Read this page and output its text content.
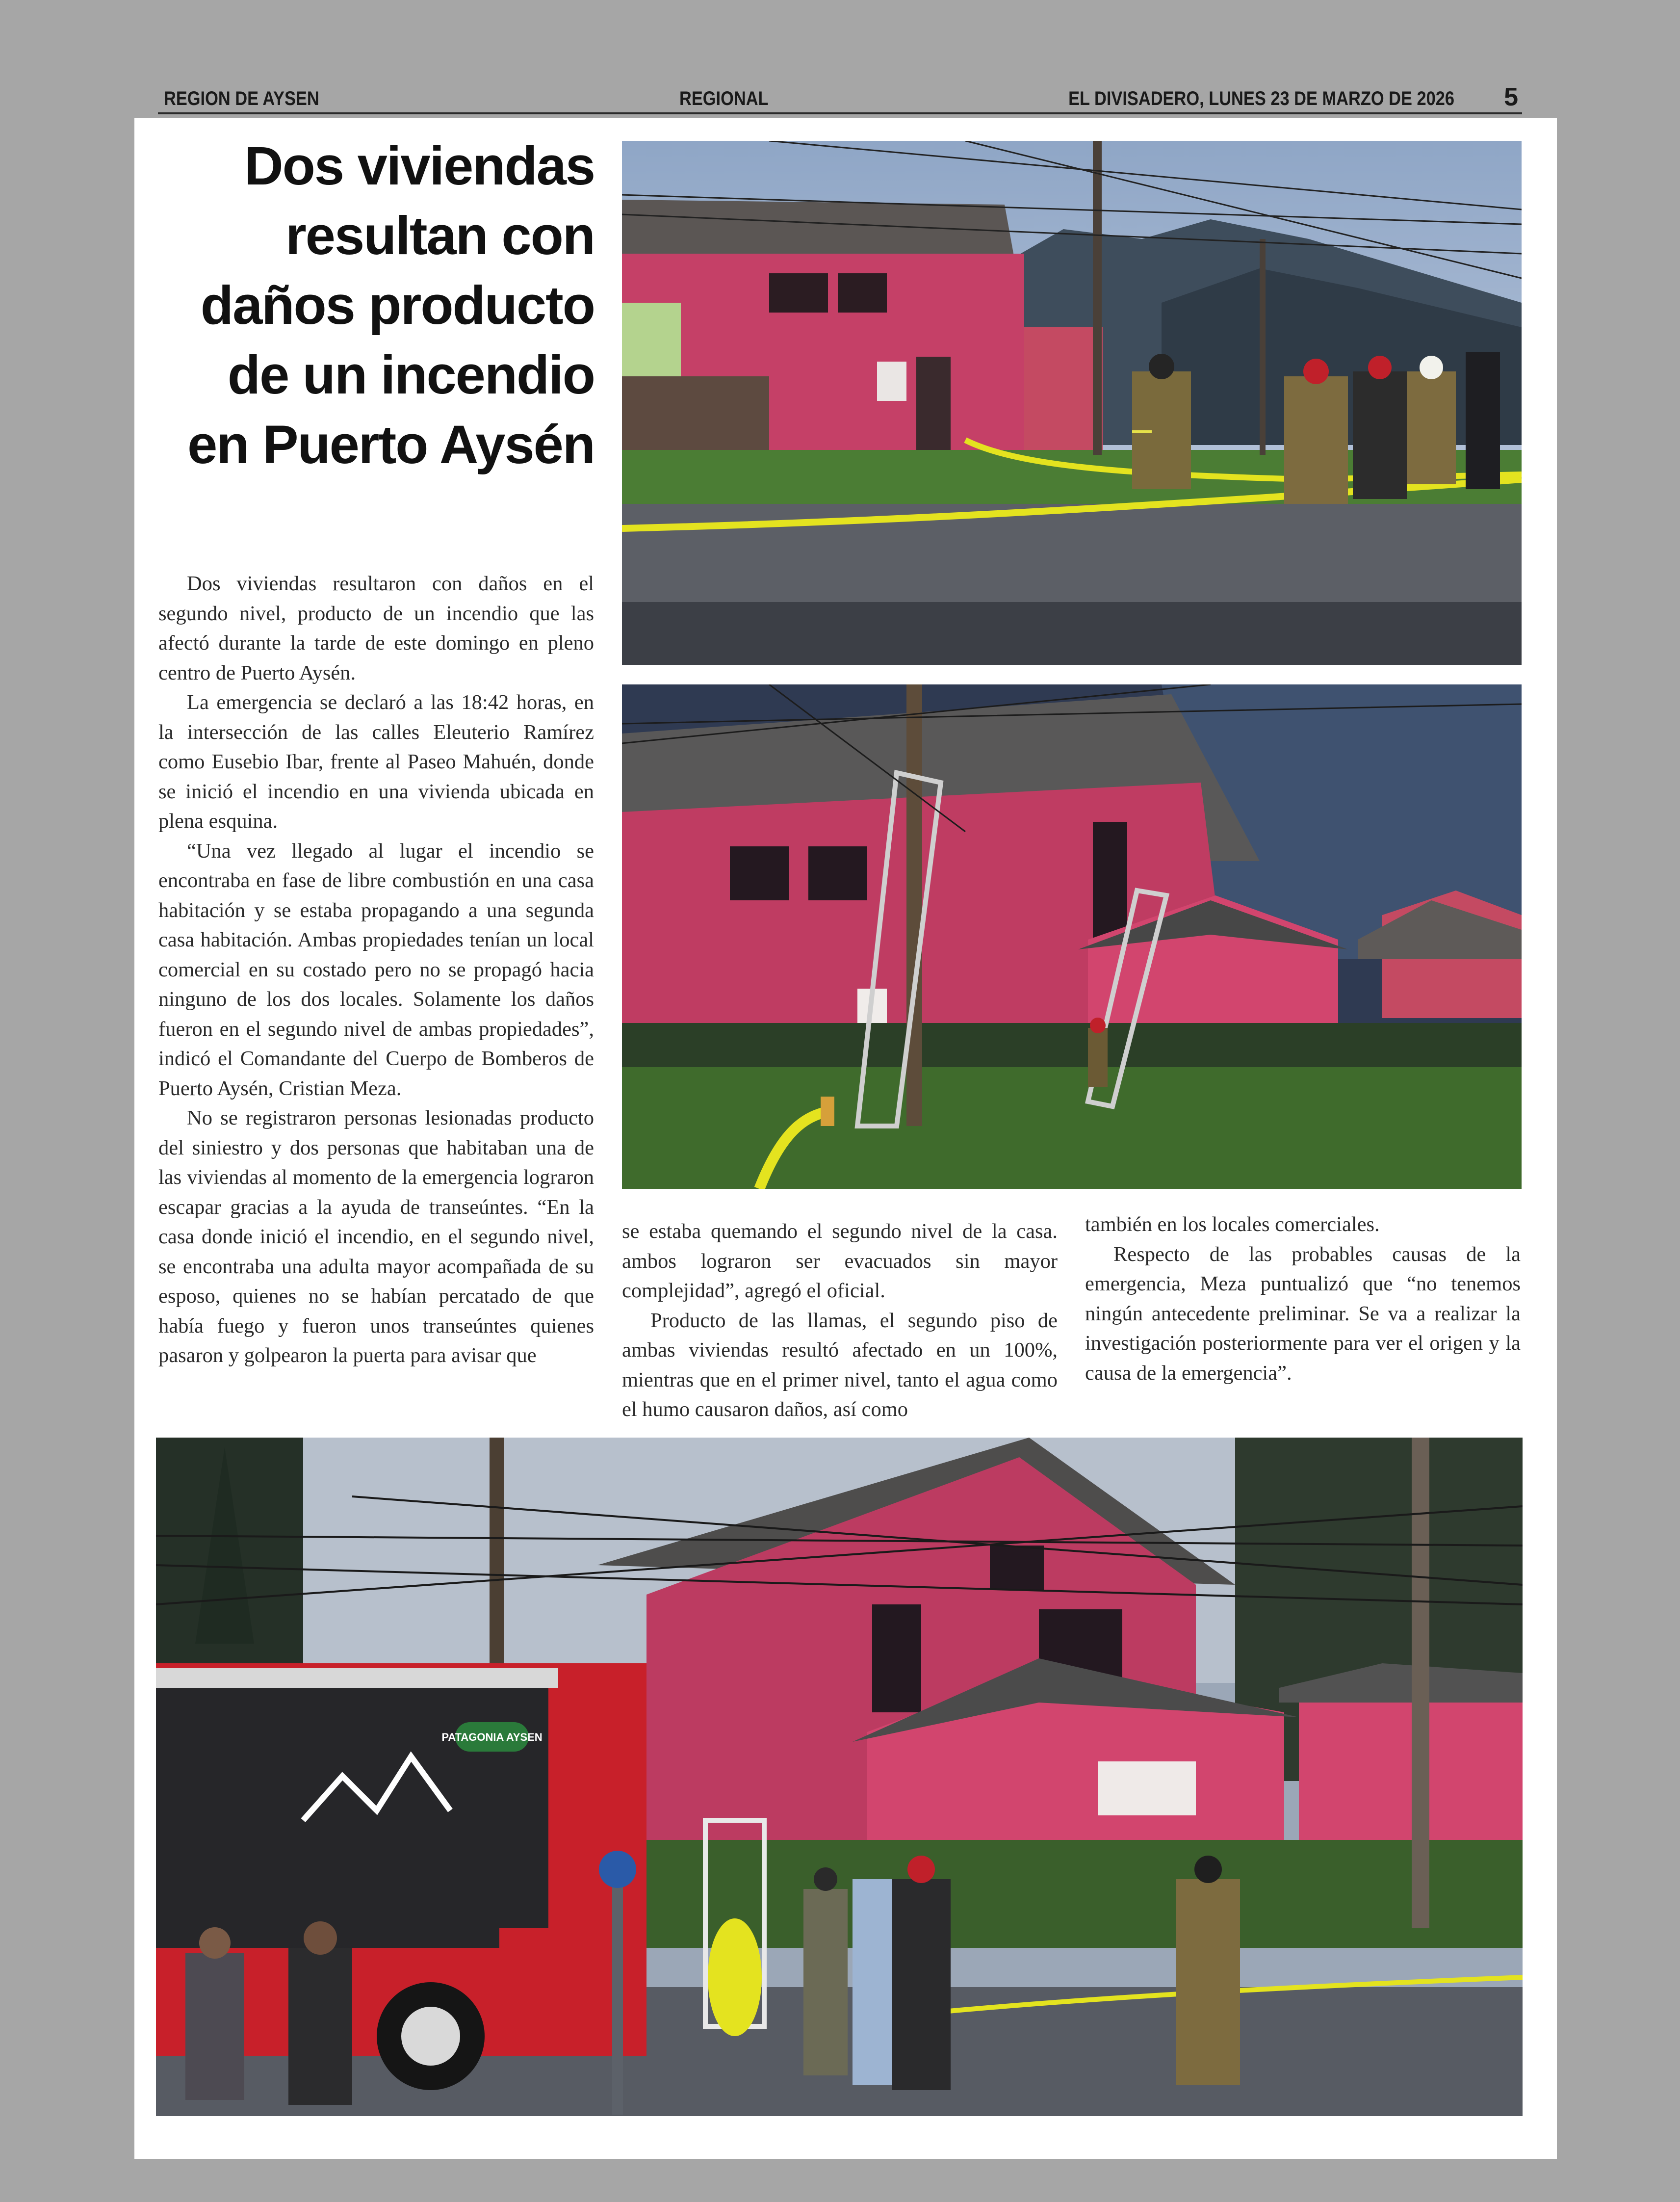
REGION DE AYSEN	REGIONAL	EL DIVISADERO, LUNES 23 DE MARZO DE 2026 5
Dos viviendas
resultan con
daños producto
de un incendio
en Puerto Aysén
PATAGONIA AYSEN

Dos viviendas resultaron con daños en el segundo nivel, producto de un incendio que las afectó durante la tarde de este domingo en pleno centro de Puerto Aysén.

La emergencia se declaró a las 18:42 horas, en la intersección de las calles Eleuterio Ramírez como Eusebio Ibar, frente al Paseo Mahuén, donde se inició el incendio en una vivienda ubicada en plena esquina.

“Una vez llegado al lugar el incendio se encontraba en fase de libre combustión en una casa habitación y se estaba propagando a una segunda casa habitación. Ambas propiedades tenían un local comercial en su costado pero no se propagó hacia ninguno de los dos locales. Solamente los daños fueron en el segundo nivel de ambas propiedades”, indicó el Comandante del Cuerpo de Bomberos de Puerto Aysén, Cristian Meza.

No se registraron personas lesionadas producto del siniestro y dos personas que habitaban una de las viviendas al momento de la emergencia lograron escapar gracias a la ayuda de transeúntes. “En la casa donde inició el incendio, en el segundo nivel, se encontraba una adulta mayor acompañada de su esposo, quienes no se habían percatado de que había fuego y fueron unos transeúntes quienes pasaron y golpearon la puerta para avisar que

se estaba quemando el segundo nivel de la casa. ambos lograron ser evacuados sin mayor complejidad”, agregó el oficial.

Producto de las llamas, el segundo piso de ambas viviendas resultó afectado en un 100%, mientras que en el primer nivel, tanto el agua como el humo causaron daños, así como

también en los locales comerciales.

Respecto de las probables causas de la emergencia, Meza puntualizó que “no tenemos ningún antecedente preliminar. Se va a realizar la investigación posteriormente para ver el origen y la causa de la emergencia”.
